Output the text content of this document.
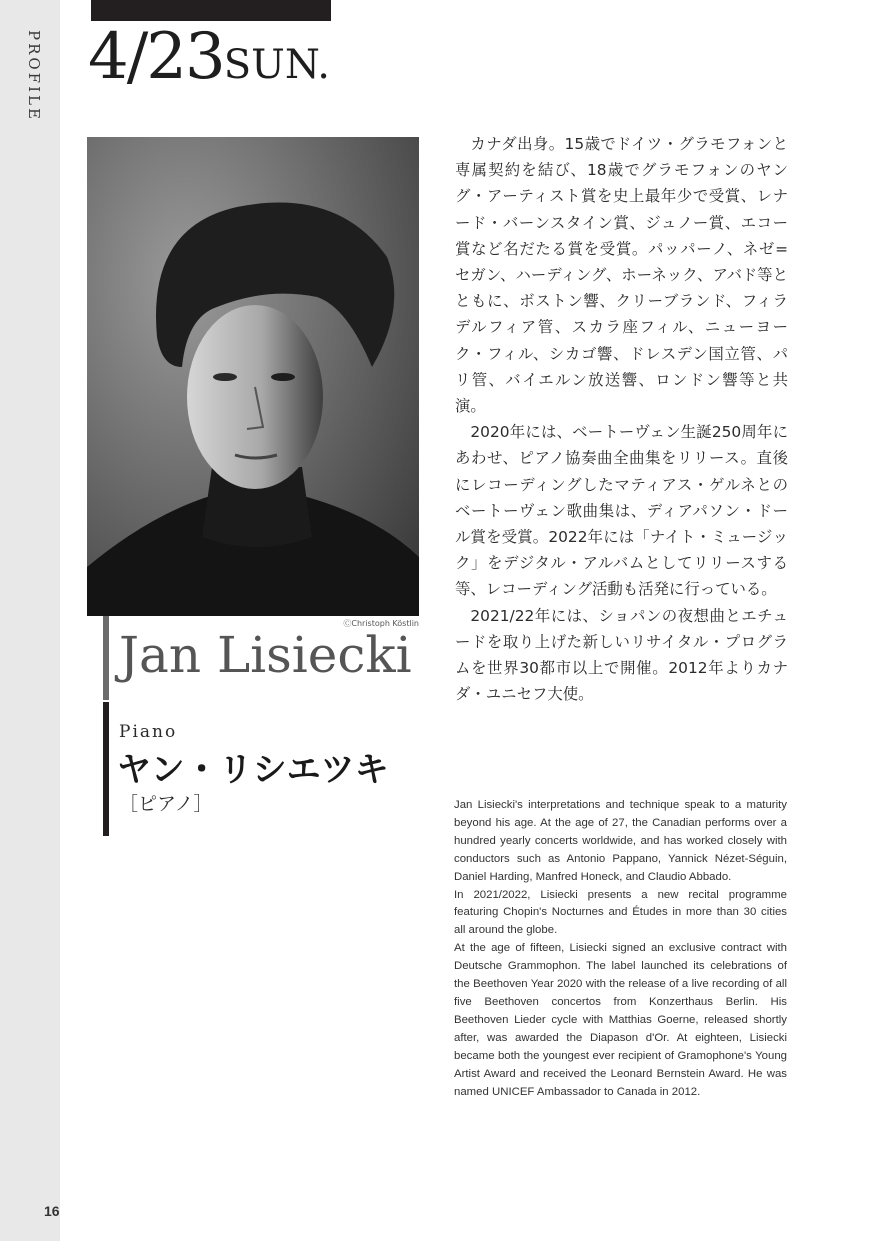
PROFILE
16
4/23SUN.
ⒸChristoph Köstlin
Jan Lisiecki
Piano
ヤン・リシエツキ
［ピアノ］

カナダ出身。15歳でドイツ・グラモフォンと専属契約を結び、18歳でグラモフォンのヤング・アーティスト賞を史上最年少で受賞、レナード・バーンスタイン賞、ジュノー賞、エコー賞など名だたる賞を受賞。パッパーノ、ネゼ=セガン、ハーディング、ホーネック、アバド等とともに、ボストン響、クリーブランド、フィラデルフィア管、スカラ座フィル、ニューヨーク・フィル、シカゴ響、ドレスデン国立管、パリ管、バイエルン放送響、ロンドン響等と共演。

2020年には、ベートーヴェン生誕250周年にあわせ、ピアノ協奏曲全曲集をリリース。直後にレコーディングしたマティアス・ゲルネとのベートーヴェン歌曲集は、ディアパソン・ドール賞を受賞。2022年には「ナイト・ミュージック」をデジタル・アルバムとしてリリースする等、レコーディング活動も活発に行っている。

2021/22年には、ショパンの夜想曲とエチュードを取り上げた新しいリサイタル・プログラムを世界30都市以上で開催。2012年よりカナダ・ユニセフ大使。

Jan Lisiecki's interpretations and technique speak to a maturity beyond his age. At the age of 27, the Canadian performs over a hundred yearly concerts worldwide, and has worked closely with conductors such as Antonio Pappano, Yannick Nézet-Séguin, Daniel Harding, Manfred Honeck, and Claudio Abbado.

In 2021/2022, Lisiecki presents a new recital programme featuring Chopin's Nocturnes and Études in more than 30 cities all around the globe.

At the age of fifteen, Lisiecki signed an exclusive contract with Deutsche Grammophon. The label launched its celebrations of the Beethoven Year 2020 with the release of a live recording of all five Beethoven concertos from Konzerthaus Berlin. His Beethoven Lieder cycle with Matthias Goerne, released shortly after, was awarded the Diapason d'Or. At eighteen, Lisiecki became both the youngest ever recipient of Gramophone's Young Artist Award and received the Leonard Bernstein Award. He was named UNICEF Ambassador to Canada in 2012.
